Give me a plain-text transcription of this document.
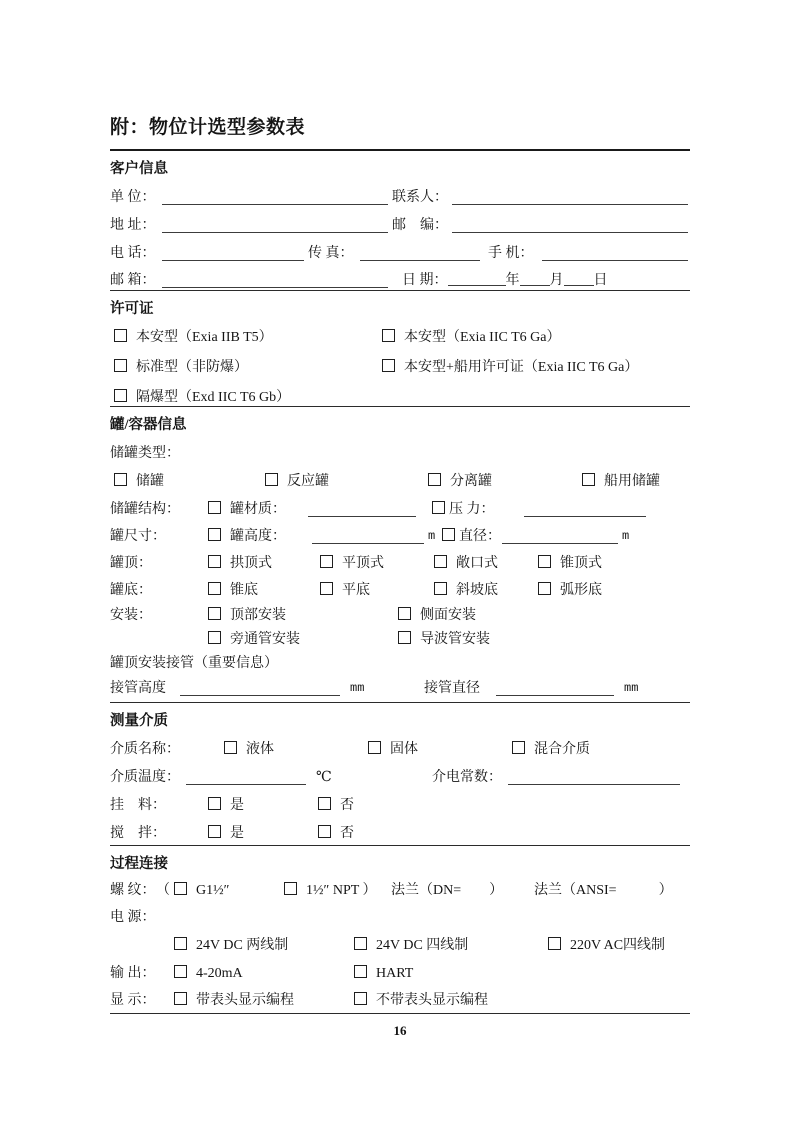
附：物位计选型参数表
客户信息
单 位：	联系人：
地 址：	邮　编：
电 话：	传 真：	手 机：
邮 箱：	日 期：	年 月 日
许可证
本安型（Exia IIB T5）	本安型（Exia IIC T6 Ga）
标准型（非防爆）	本安型+船用许可证（Exia IIC T6 Ga）
隔爆型（Exd IIC T6 Gb）
罐/容器信息
储罐类型：
储罐	反应罐	分离罐	船用储罐
储罐结构：	罐材质：	压 力：
罐尺寸：	罐高度：	m	直径：	m
罐顶：	拱顶式	平顶式	敞口式	锥顶式
罐底：	锥底	平底	斜坡底	弧形底
安装：	顶部安装	侧面安装
旁通管安装	导波管安装
罐顶安装接管（重要信息）
接管高度	mm	接管直径	mm
测量介质
介质名称：	液体	固体	混合介质
介质温度：	℃	介电常数：
挂　料：	是	否
搅　拌：	是	否
过程连接
螺 纹： （	G1½″	1½″ NPT ） 法兰（DN=　　） 法兰（ANSI=　　　）
电 源：
24V DC 两线制	24V DC 四线制	220V AC四线制
输 出：	4-20mA	HART
显 示：	带表头显示编程	不带表头显示编程
16
